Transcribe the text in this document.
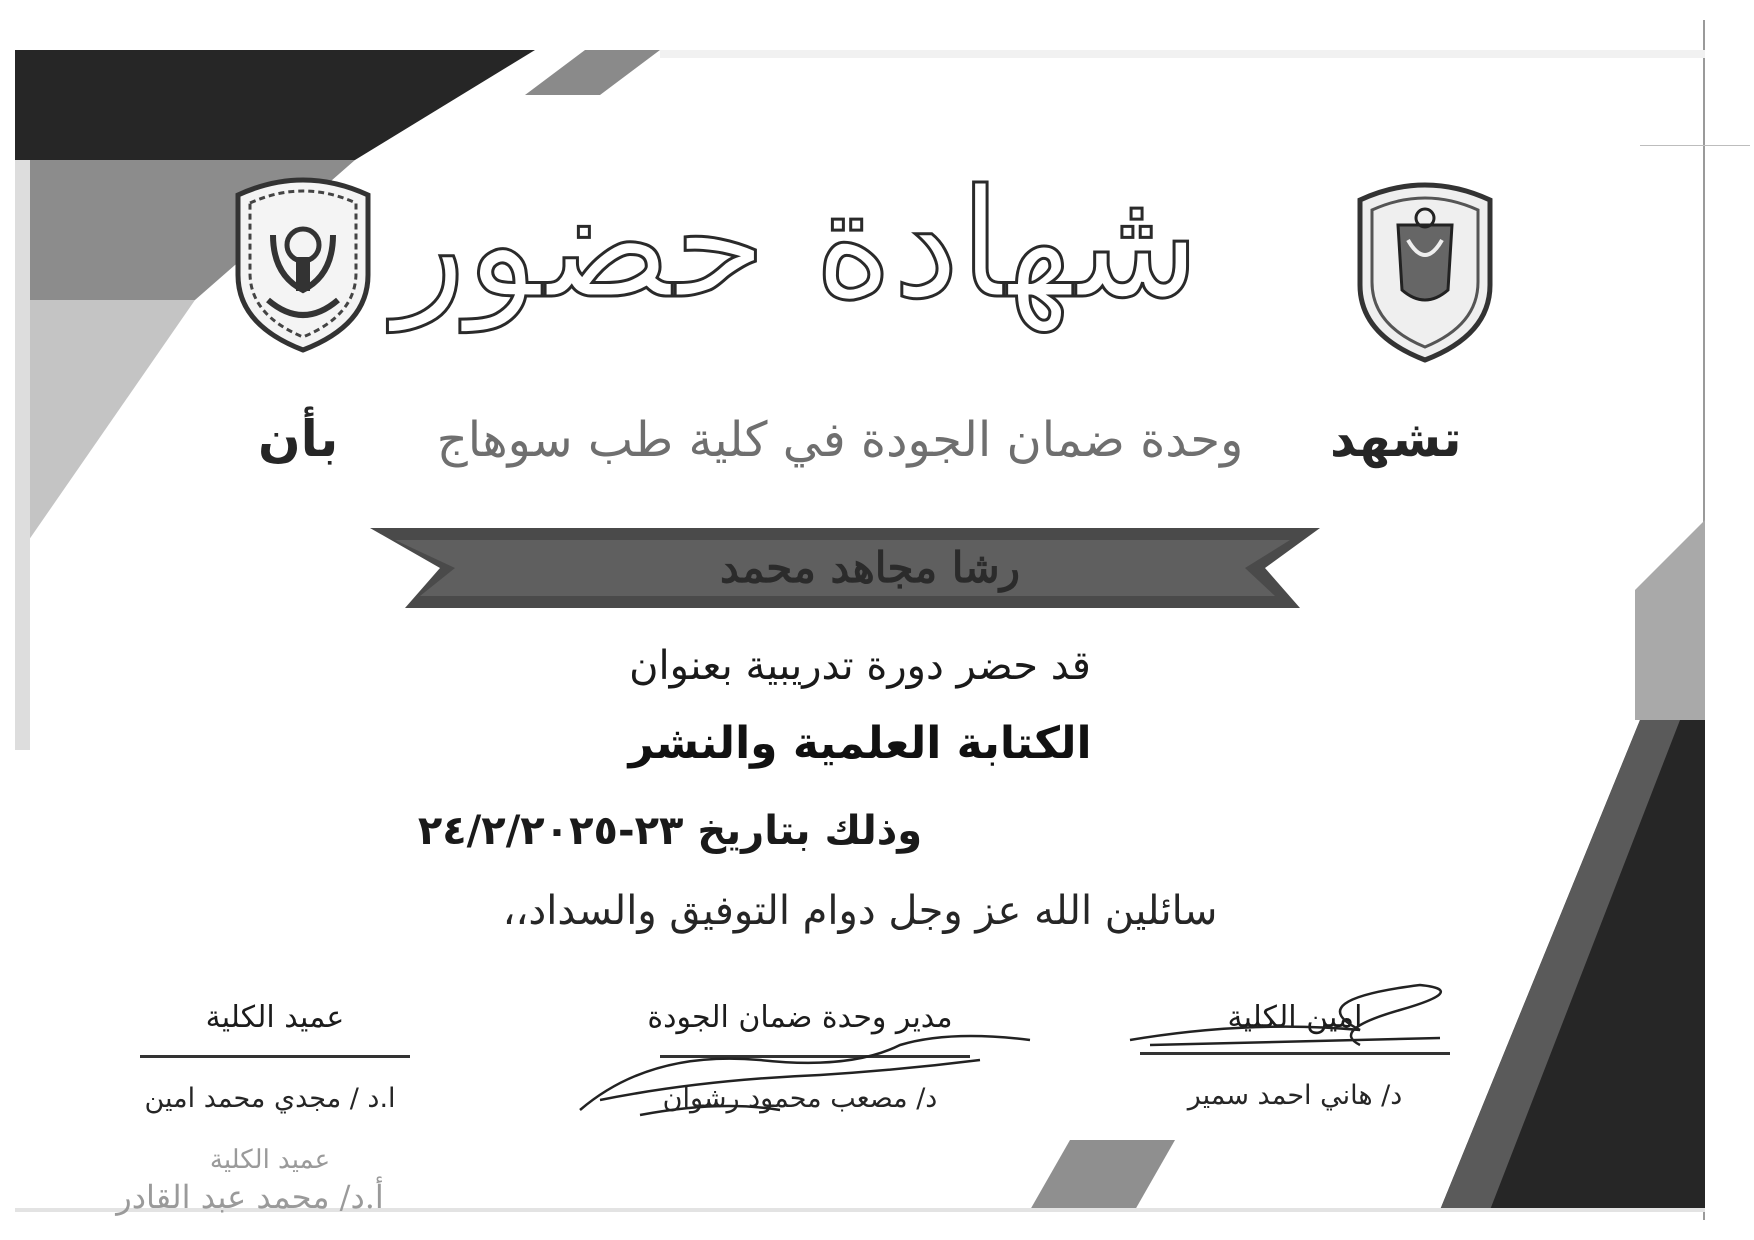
شهادة حضور
تشهد
وحدة ضمان الجودة في كلية طب سوهاج
بأن
رشا مجاهد محمد
قد حضر دورة تدريبية بعنوان
الكتابة العلمية والنشر
وذلك بتاريخ ٢٣-٢٤/٢/٢٠٢٥
سائلين الله عز وجل دوام التوفيق والسداد،،
امين الكلية
د/ هاني احمد سمير
مدير وحدة ضمان الجودة
د/ مصعب محمود رشوان
عميد الكلية
ا.د / مجدي محمد امين
عميد الكلية
أ.د/ محمد عبد القادر
